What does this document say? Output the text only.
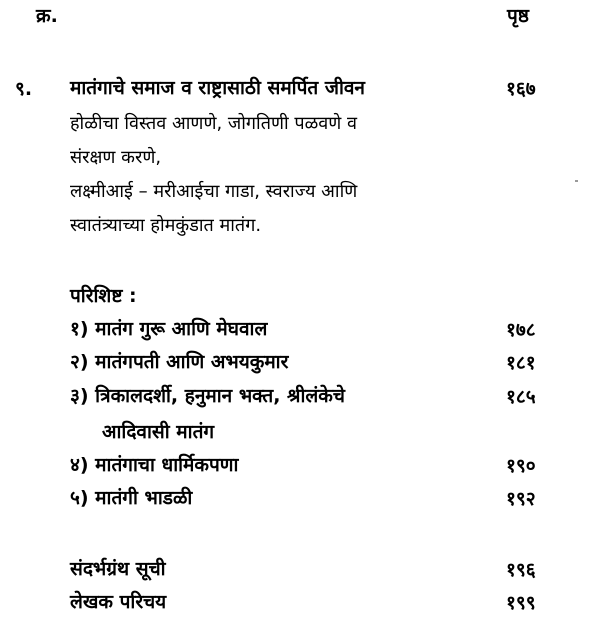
क्र.	पृष्ठ
९. मातंगाचे समाज व राष्ट्रासाठी समर्पित जीवन	१६७
होळीचा विस्तव आणणे, जोगतिणी पळवणे व
संरक्षण करणे,
लक्ष्मीआई – मरीआईचा गाडा, स्वराज्य आणि
स्वातंत्र्याच्या होमकुंडात मातंग.
परिशिष्ट :
१) मातंग गुरू आणि मेघवाल	१७८
२) मातंगपती आणि अभयकुमार	१८१
३) त्रिकालदर्शी, हनुमान भक्त, श्रीलंकेचे	१८५
आदिवासी मातंग
४) मातंगाचा धार्मिकपणा	१९०
५) मातंगी भाडळी	१९२
संदर्भग्रंथ सूची	१९६
लेखक परिचय	१९९
